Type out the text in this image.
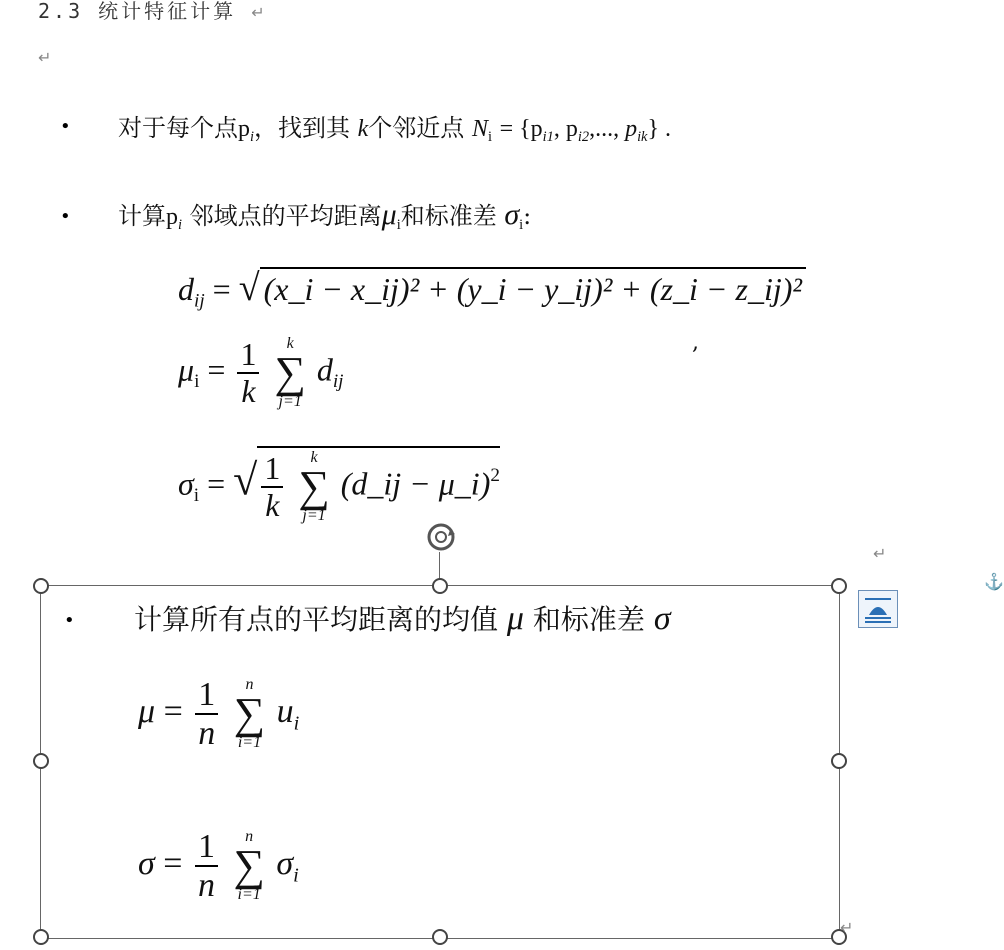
2.3 统计特征计算 ↵
↵
• 对于每个点$p_i$，找到其 k个邻近点 $N_i = \{p_{i1}$, $p_{i2}$,..., $p_{ik}$} .
• 计算$p_i$ 邻域点的平均距离$\mu_i$和标准差 $\sigma_i$:
$d_{ij}$ = √ (x_i − x_ij)² + (y_i − y_ij)² + (z_i − z_ij)²
,
$\mu_i = \frac{1}{k}$
	k
∑
j=1
$d_{ij}$
$\sigma_i$ = √ $\frac{1}{k}$
	k
∑
j=1
(d_ij − μ_i)$^2$
↵
⚓
• 计算所有点的平均距离的均值 μ 和标准差 σ
$\mu = \frac{1}{n}$
	n
∑
i=1
$u_i$
$\sigma = \frac{1}{n}$
	n
∑
i=1
$\sigma_i$
↵
